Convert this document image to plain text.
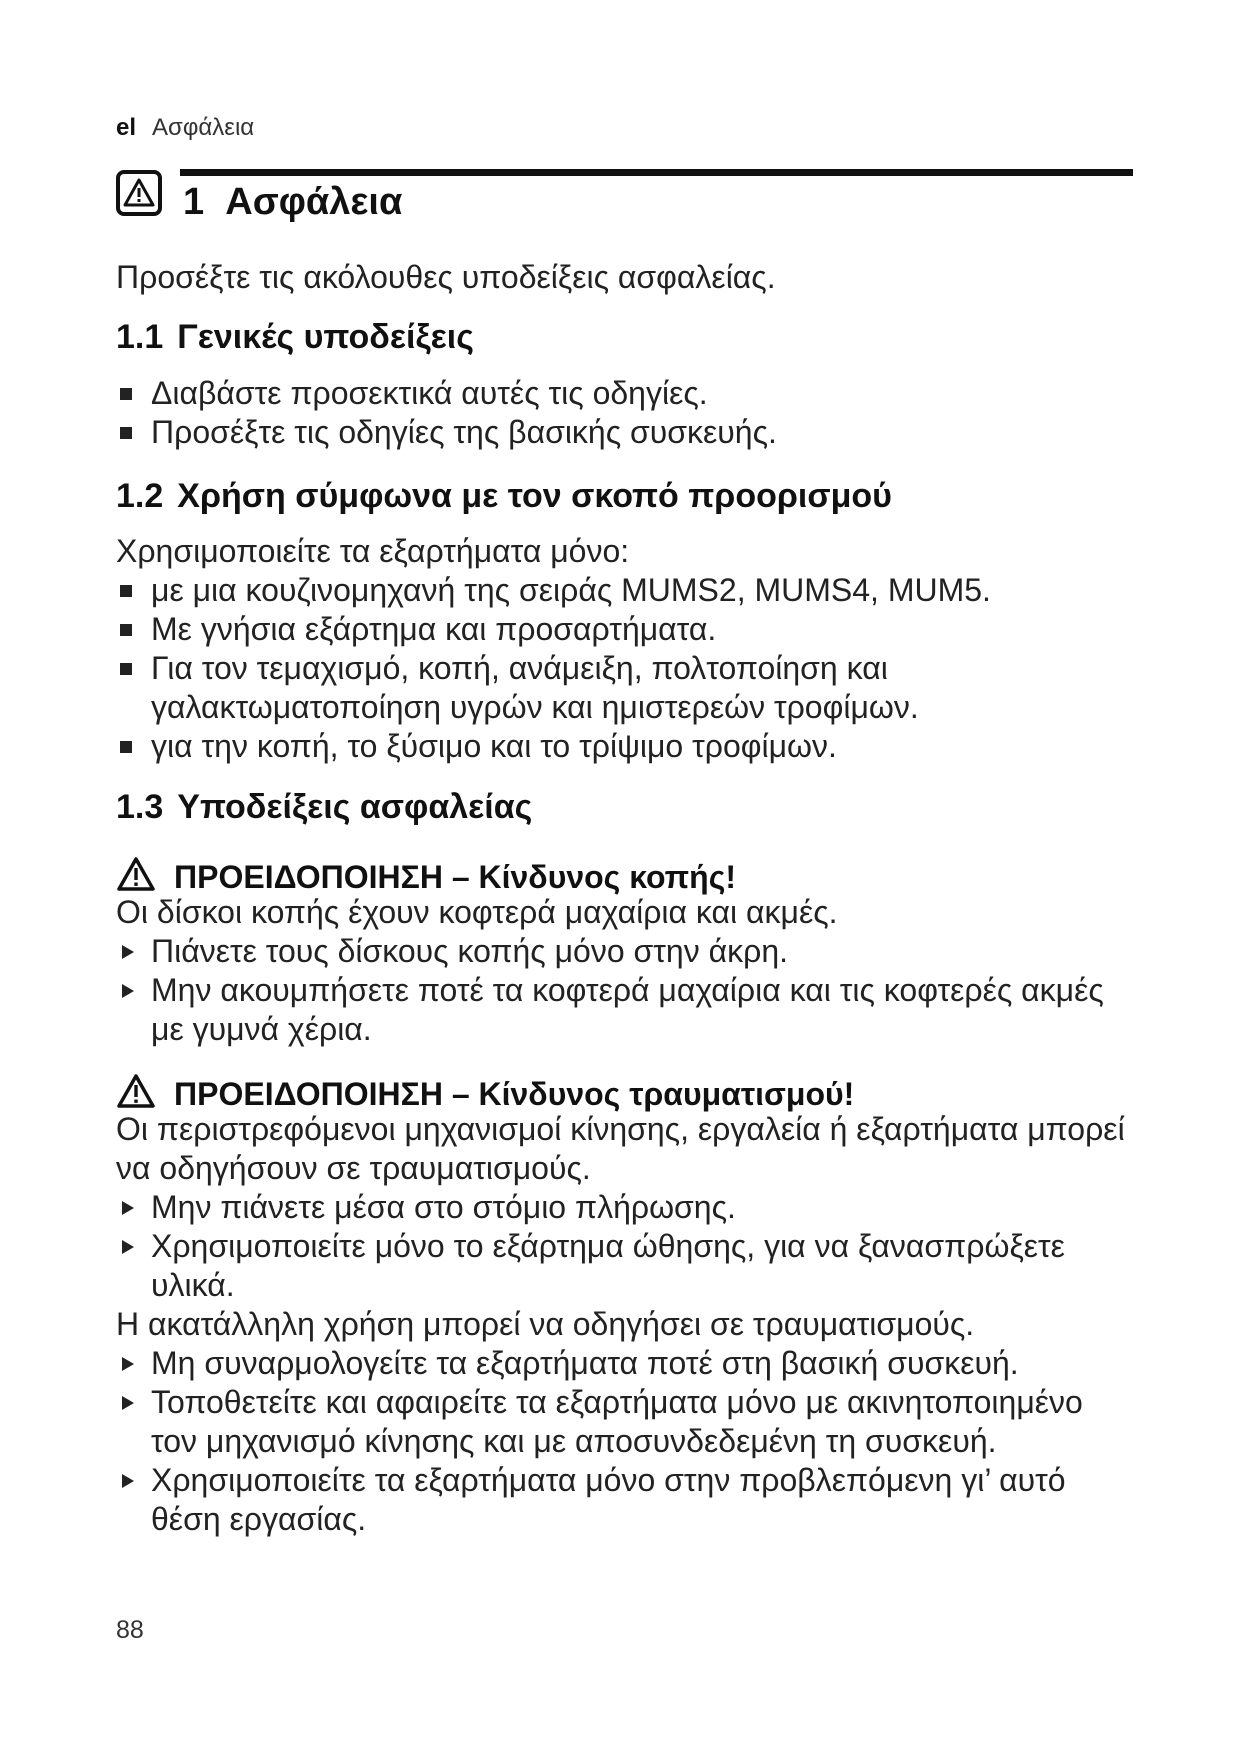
el Ασφάλεια
1 Ασφάλεια
Προσέξτε τις ακόλουθες υποδείξεις ασφαλείας.
1.1 Γενικές υποδείξεις
Διαβάστε προσεκτικά αυτές τις οδηγίες.
Προσέξτε τις οδηγίες της βασικής συσκευής.
1.2 Χρήση σύμφωνα με τον σκοπό προορισμού
Χρησιμοποιείτε τα εξαρτήματα μόνο:
με μια κουζινομηχανή της σειράς MUMS2, MUMS4, MUM5.
Με γνήσια εξάρτημα και προσαρτήματα.
Για τον τεμαχισμό, κοπή, ανάμειξη, πολτοποίηση και γαλακτωματοποίηση υγρών και ημιστερεών τροφίμων.
για την κοπή, το ξύσιμο και το τρίψιμο τροφίμων.
1.3 Υποδείξεις ασφαλείας
ΠΡΟΕΙΔΟΠΟΙΗΣΗ – Κίνδυνος κοπής!
Οι δίσκοι κοπής έχουν κοφτερά μαχαίρια και ακμές.
Πιάνετε τους δίσκους κοπής μόνο στην άκρη.
Μην ακουμπήσετε ποτέ τα κοφτερά μαχαίρια και τις κοφτερές ακμές με γυμνά χέρια.
ΠΡΟΕΙΔΟΠΟΙΗΣΗ – Κίνδυνος τραυματισμού!
Οι περιστρεφόμενοι μηχανισμοί κίνησης, εργαλεία ή εξαρτήματα μπορεί να οδηγήσουν σε τραυματισμούς.
Μην πιάνετε μέσα στο στόμιο πλήρωσης.
Χρησιμοποιείτε μόνο το εξάρτημα ώθησης, για να ξανασπρώξετε υλικά.
Η ακατάλληλη χρήση μπορεί να οδηγήσει σε τραυματισμούς.
Μη συναρμολογείτε τα εξαρτήματα ποτέ στη βασική συσκευή.
Τοποθετείτε και αφαιρείτε τα εξαρτήματα μόνο με ακινητοποιημένο τον μηχανισμό κίνησης και με αποσυνδεδεμένη τη συσκευή.
Χρησιμοποιείτε τα εξαρτήματα μόνο στην προβλεπόμενη γι’ αυτό θέση εργασίας.
88
